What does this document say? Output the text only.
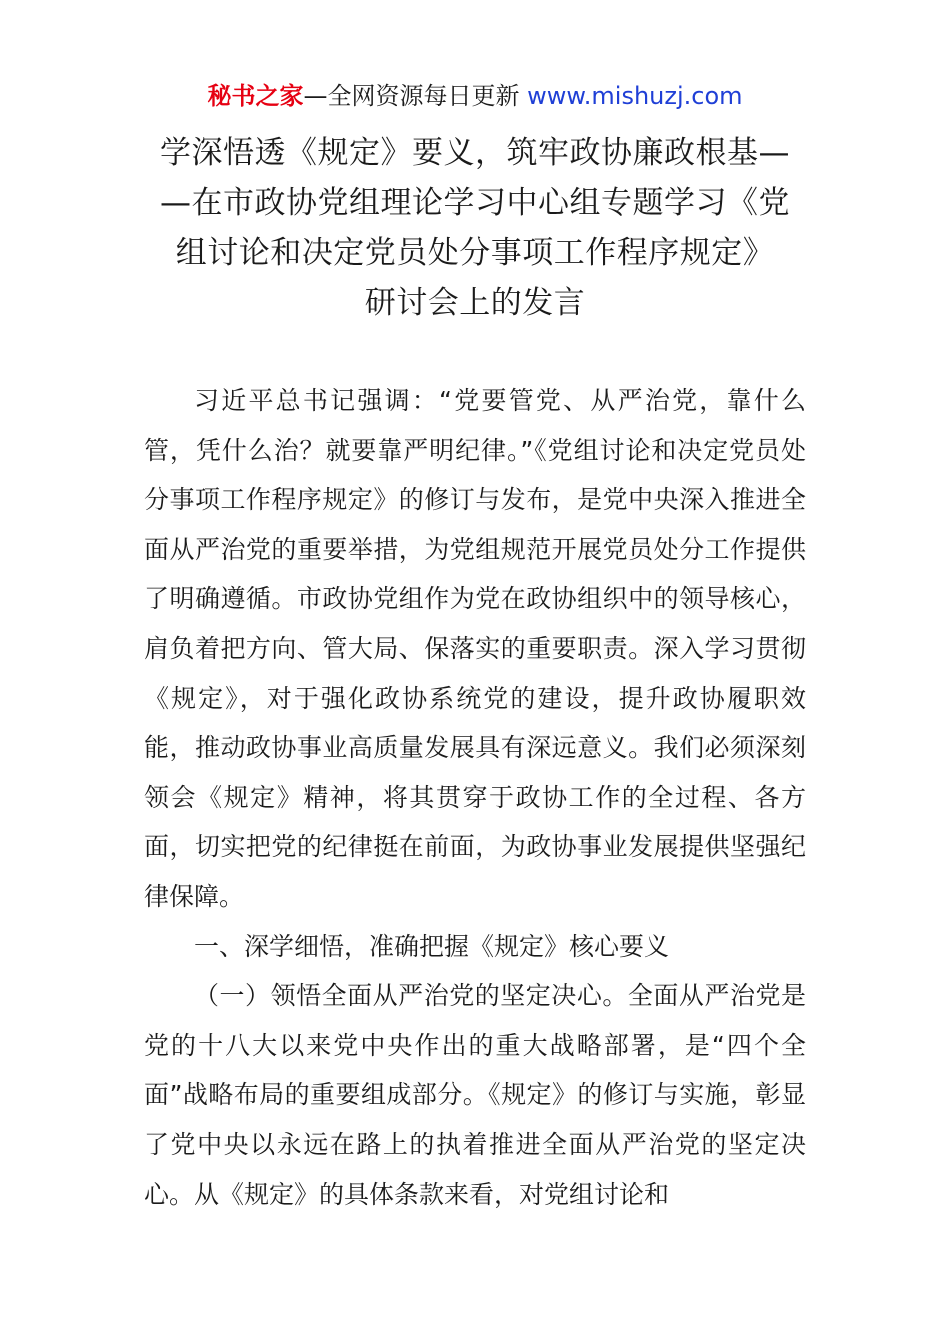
秘书之家—全网资源每日更新 www.mishuzj.com
学深悟透《规定》要义，筑牢政协廉政根基—
—在市政协党组理论学习中心组专题学习《党
组讨论和决定党员处分事项工作程序规定》
研讨会上的发言

习近平总书记强调：“党要管党、从严治党，靠什么管，凭什么治？就要靠严明纪律。”《党组讨论和决定党员处分事项工作程序规定》的修订与发布，是党中央深入推进全面从严治党的重要举措，为党组规范开展党员处分工作提供了明确遵循。市政协党组作为党在政协组织中的领导核心，肩负着把方向、管大局、保落实的重要职责。深入学习贯彻《规定》，对于强化政协系统党的建设，提升政协履职效能，推动政协事业高质量发展具有深远意义。我们必须深刻领会《规定》精神，将其贯穿于政协工作的全过程、各方面，切实把党的纪律挺在前面，为政协事业发展提供坚强纪律保障。

一、深学细悟，准确把握《规定》核心要义

（一）领悟全面从严治党的坚定决心。全面从严治党是党的十八大以来党中央作出的重大战略部署，是“四个全面”战略布局的重要组成部分。《规定》的修订与实施，彰显了党中央以永远在路上的执着推进全面从严治党的坚定决心。从《规定》的具体条款来看，对党组讨论和
